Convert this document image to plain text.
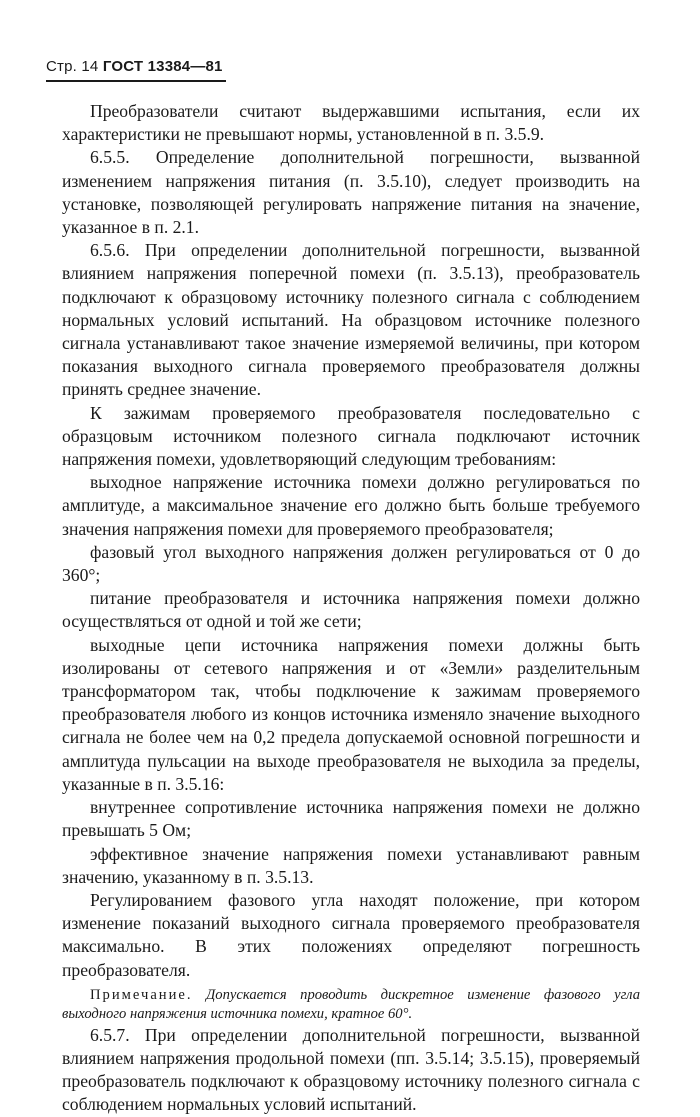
Стр. 14 ГОСТ 13384—81

Преобразователи считают выдержавшими испытания, если их характеристики не превышают нормы, установленной в п. 3.5.9.

6.5.5. Определение дополнительной погрешности, вызванной изменением напряжения питания (п. 3.5.10), следует производить на установке, позволяющей регулировать напряжение питания на значение, указанное в п. 2.1.

6.5.6. При определении дополнительной погрешности, вызванной влиянием напряжения поперечной помехи (п. 3.5.13), преобразователь подключают к образцовому источнику полезного сигнала с соблюдением нормальных условий испытаний. На образцовом источнике полезного сигнала устанавливают такое значение измеряемой величины, при котором показания выходного сигнала проверяемого преобразователя должны принять среднее значение.

К зажимам проверяемого преобразователя последовательно с образцовым источником полезного сигнала подключают источник напряжения помехи, удовлетворяющий следующим требованиям:

выходное напряжение источника помехи должно регулироваться по амплитуде, а максимальное значение его должно быть больше требуемого значения напряжения помехи для проверяемого преобразователя;

фазовый угол выходного напряжения должен регулироваться от 0 до 360°;

питание преобразователя и источника напряжения помехи должно осуществляться от одной и той же сети;

выходные цепи источника напряжения помехи должны быть изолированы от сетевого напряжения и от «Земли» разделительным трансформатором так, чтобы подключение к зажимам проверяемого преобразователя любого из концов источника изменяло значение выходного сигнала не более чем на 0,2 предела допускаемой основной погрешности и амплитуда пульсации на выходе преобразователя не выходила за пределы, указанные в п. 3.5.16:

внутреннее сопротивление источника напряжения помехи не должно превышать 5 Ом;

эффективное значение напряжения помехи устанавливают равным значению, указанному в п. 3.5.13.

Регулированием фазового угла находят положение, при котором изменение показаний выходного сигнала проверяемого преобразователя максимально. В этих положениях определяют погрешность преобразователя.

Примечание. Допускается проводить дискретное изменение фазового угла выходного напряжения источника помехи, кратное 60°.

6.5.7. При определении дополнительной погрешности, вызванной влиянием напряжения продольной помехи (пп. 3.5.14; 3.5.15), проверяемый преобразователь подключают к образцовому источнику полезного сигнала с соблюдением нормальных условий испытаний.
